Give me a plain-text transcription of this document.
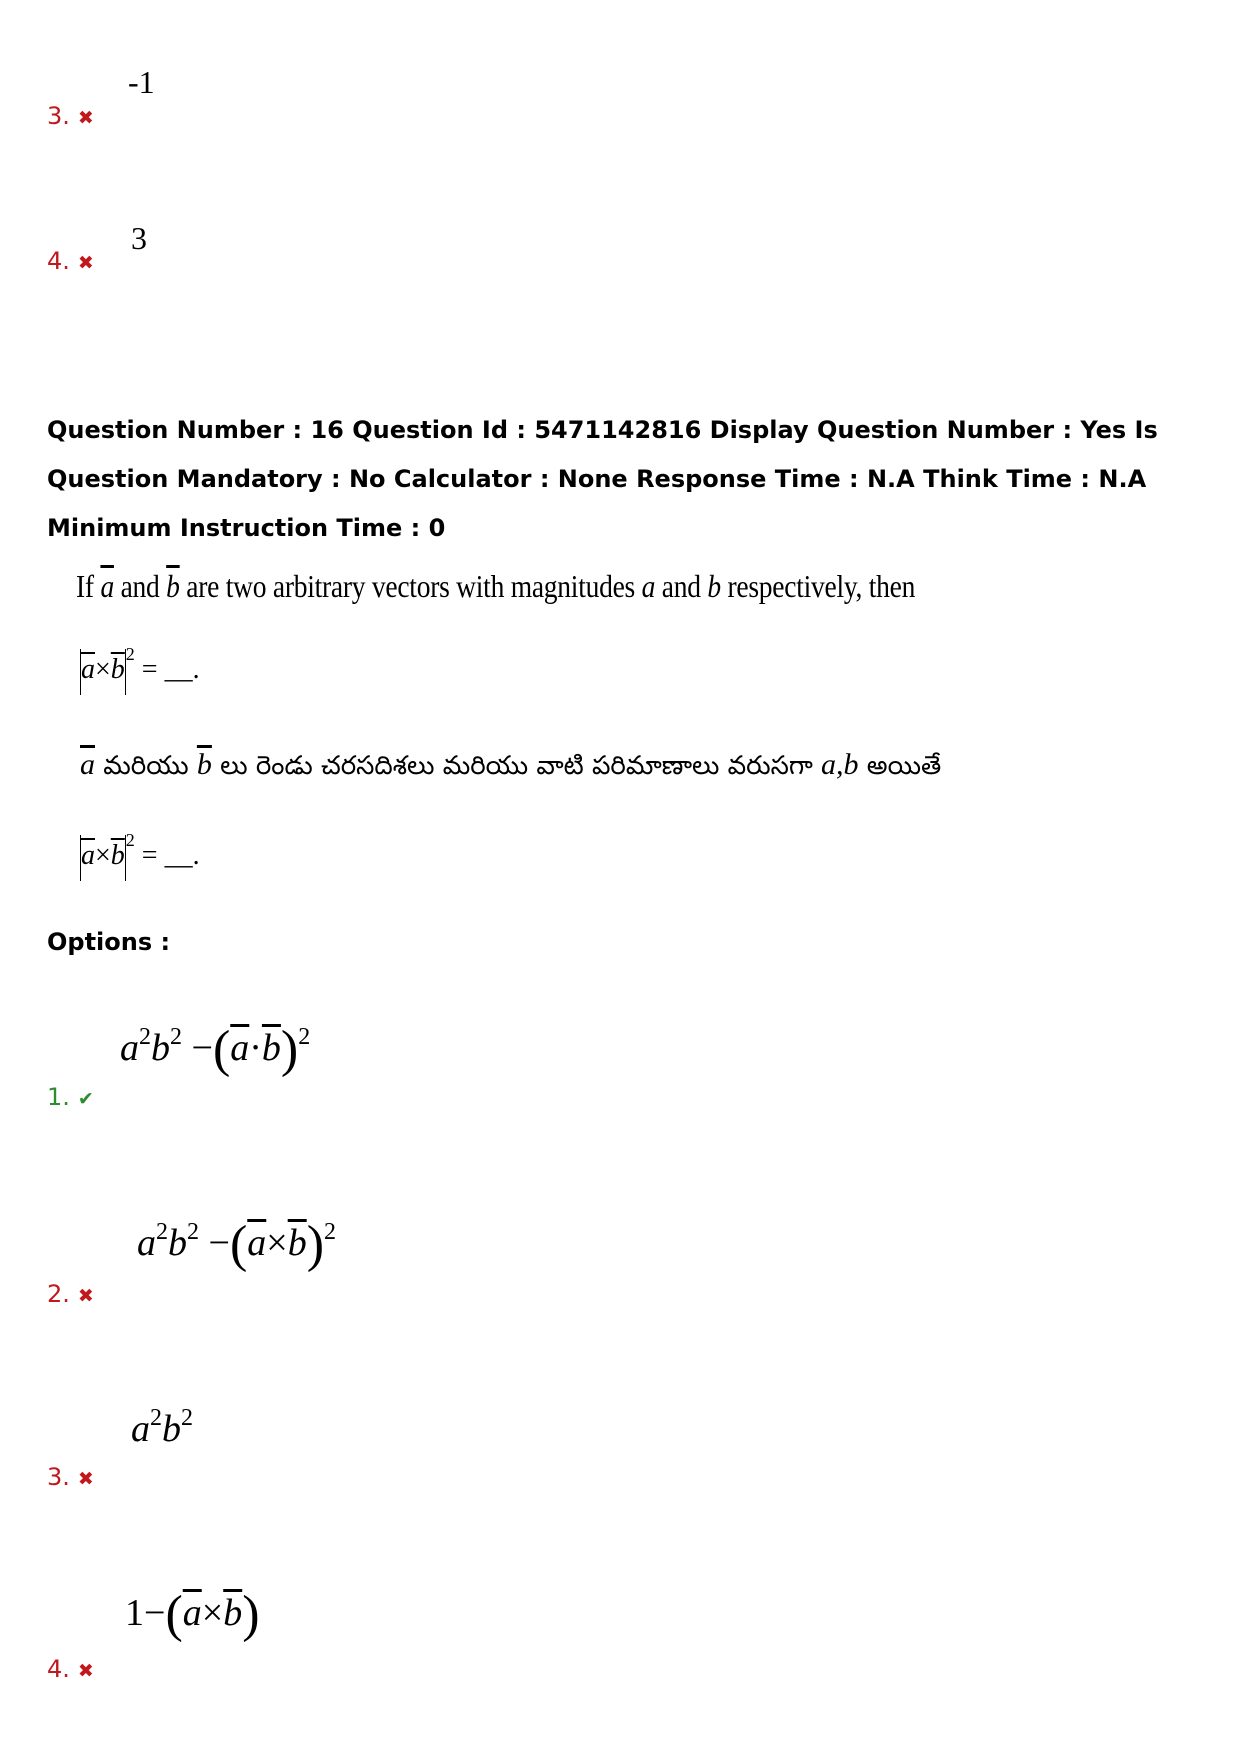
-1
3. ✖
3
4. ✖
Question Number : 16 Question Id : 5471142816 Display Question Number : Yes Is Question Mandatory : No Calculator : None Response Time : N.A Think Time : N.A Minimum Instruction Time : 0
If $\overline{a}$ and $\overline{b}$ are two arbitrary vectors with magnitudes a and b respectively, then
$\overline{a}\times\overline{b}^2$ = __.
$\overline{a}$ మరియు $\overline{b}$ లు రెండు చరసదిశలు మరియు వాటి పరిమాణాలు వరుసగా a,b అయితే
$\overline{a}\times\overline{b}^2$ = __.
Options :
$a^2b^2 -(\overline{a}\cdot\overline{b})^2$
1. ✔
$a^2b^2 -(\overline{a}\times\overline{b})^2$
2. ✖
$a^2b^2$
3. ✖
$1-(\overline{a}\times\overline{b})$
4. ✖
